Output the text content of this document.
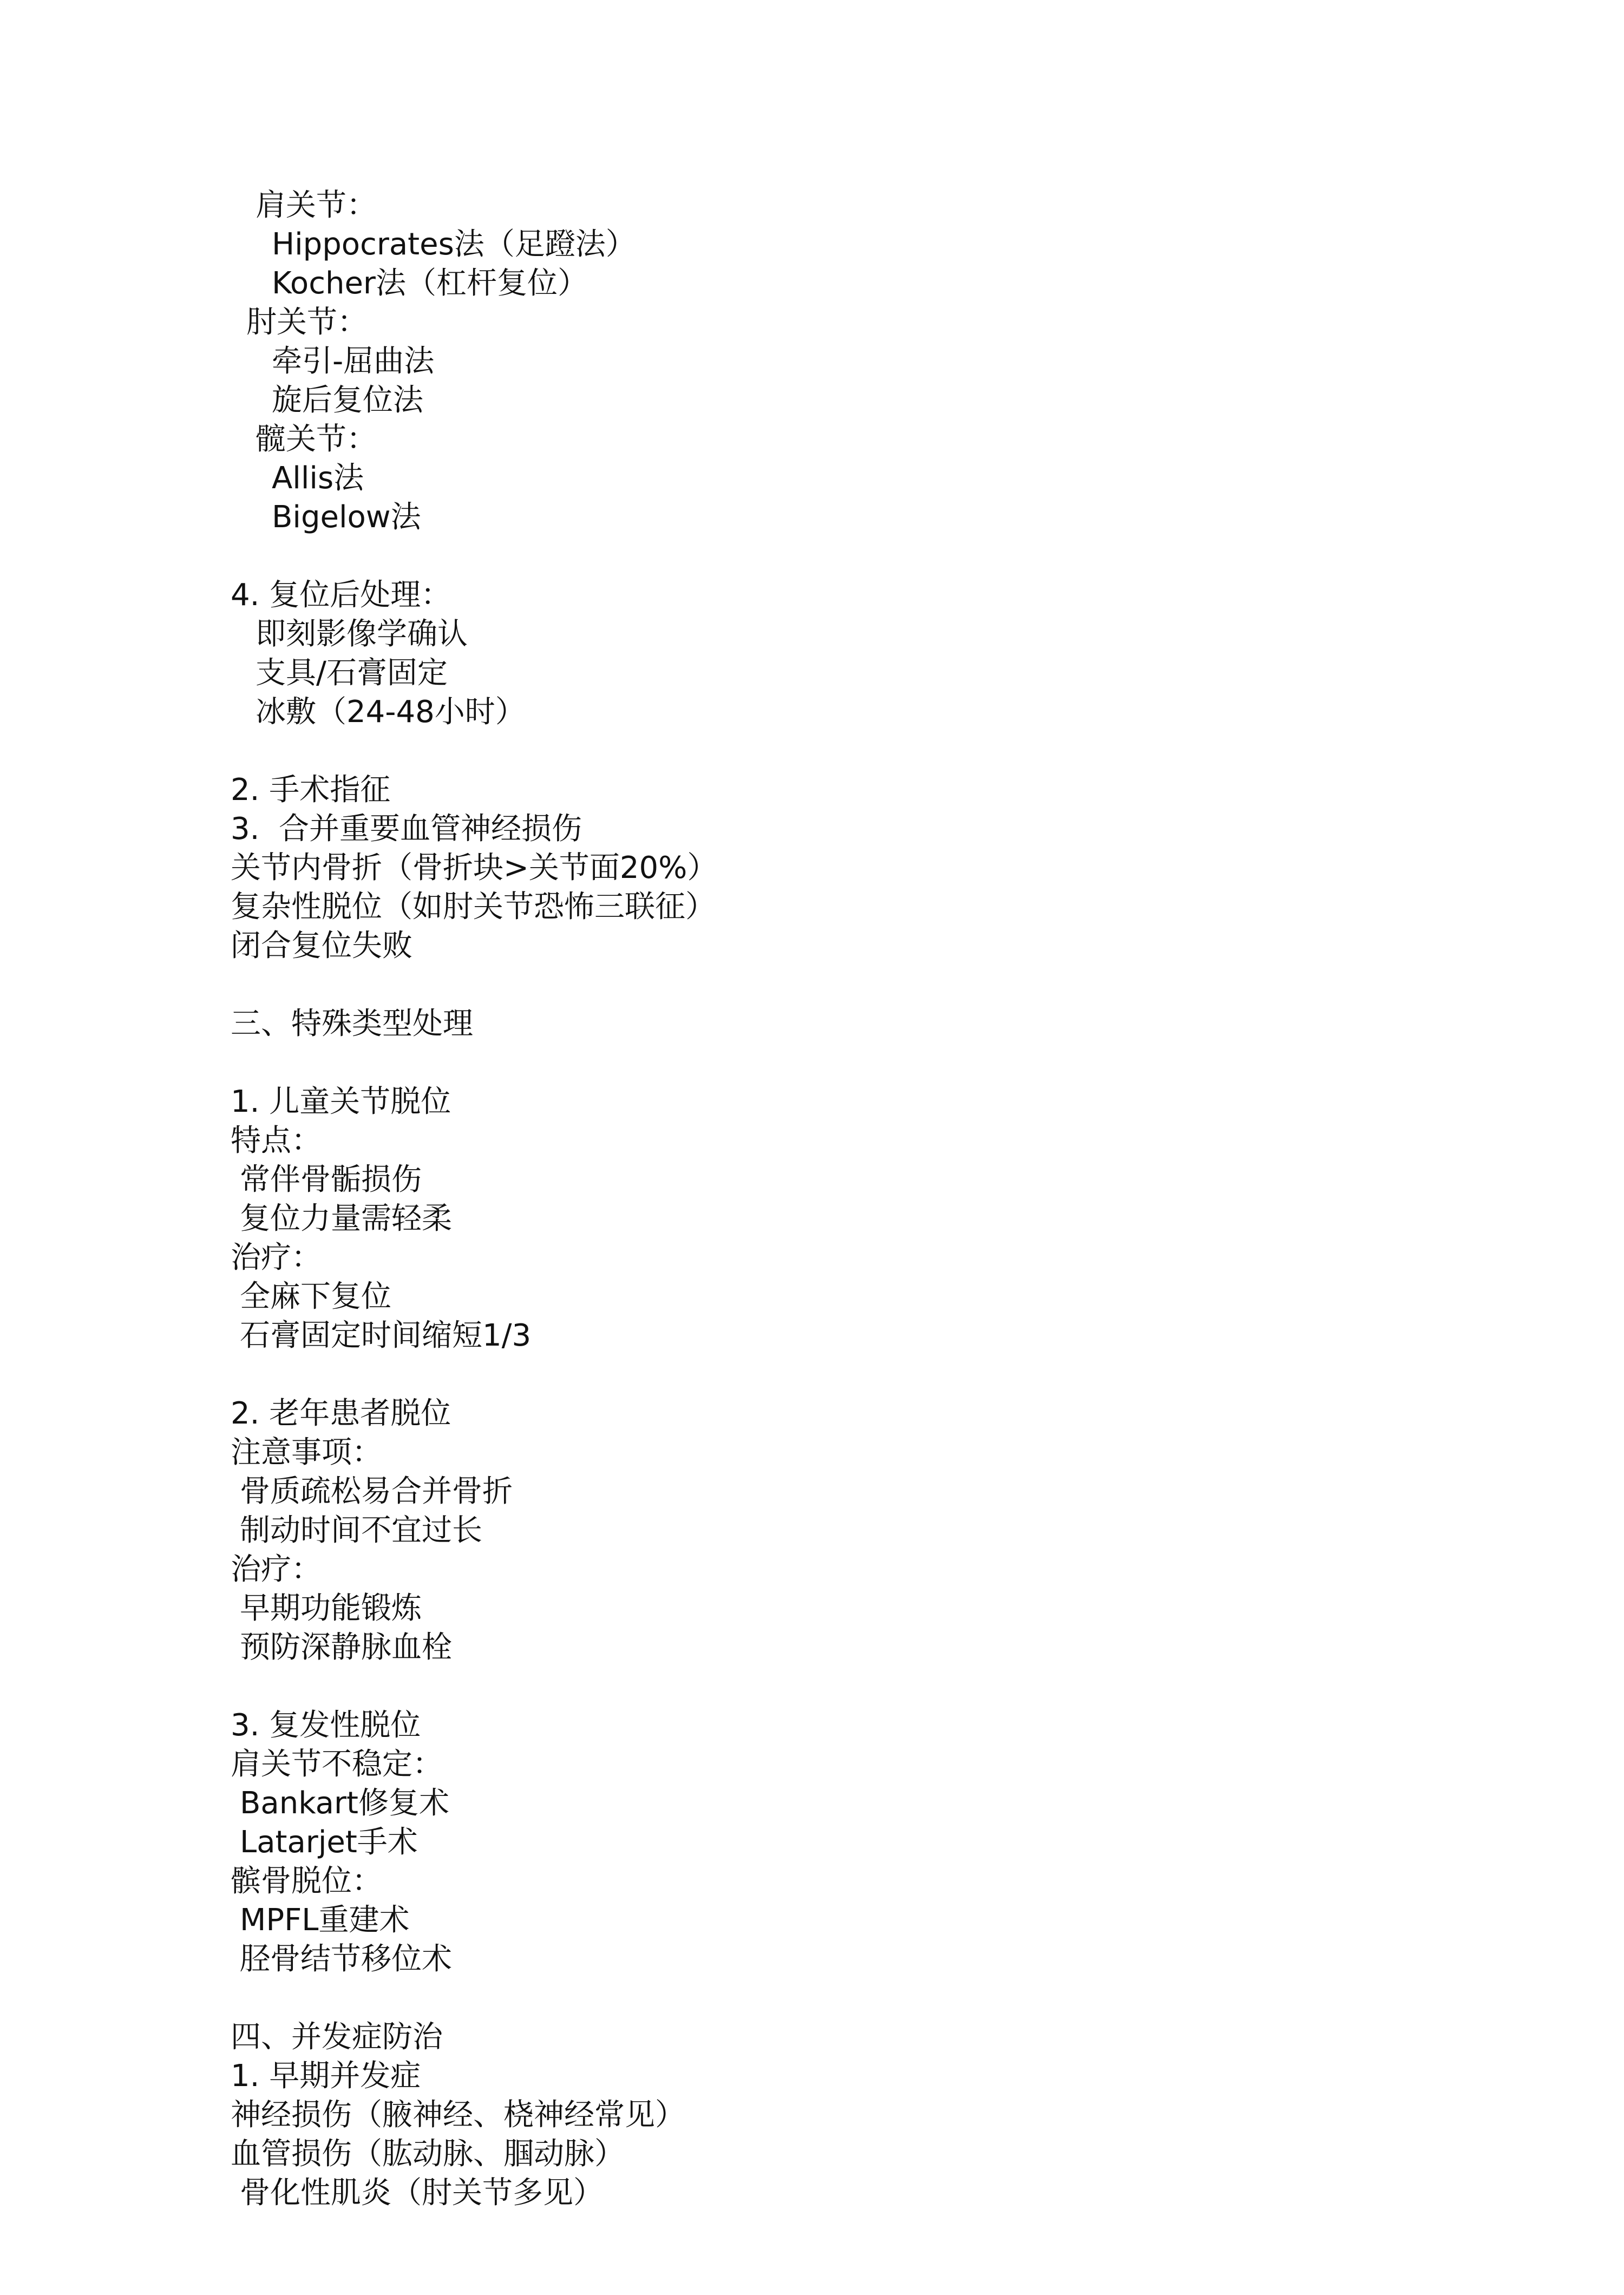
肩关节：
Hippocrates法（足蹬法）
Kocher法（杠杆复位）
肘关节：
牵引-屈曲法
旋后复位法
髋关节：
Allis法
Bigelow法
4. 复位后处理：
即刻影像学确认
支具/石膏固定
冰敷（24-48小时）
2. 手术指征
3.  合并重要血管神经损伤
关节内骨折（骨折块>关节面20%）
复杂性脱位（如肘关节恐怖三联征）
闭合复位失败
三、特殊类型处理
1. 儿童关节脱位
特点：
常伴骨骺损伤
复位力量需轻柔
治疗：
全麻下复位
石膏固定时间缩短1/3
2. 老年患者脱位
注意事项：
骨质疏松易合并骨折
制动时间不宜过长
治疗：
早期功能锻炼
预防深静脉血栓
3. 复发性脱位
肩关节不稳定：
Bankart修复术
Latarjet手术
髌骨脱位：
MPFL重建术
胫骨结节移位术
四、并发症防治
1. 早期并发症
神经损伤（腋神经、桡神经常见）
血管损伤（肱动脉、腘动脉）
骨化性肌炎（肘关节多见）
